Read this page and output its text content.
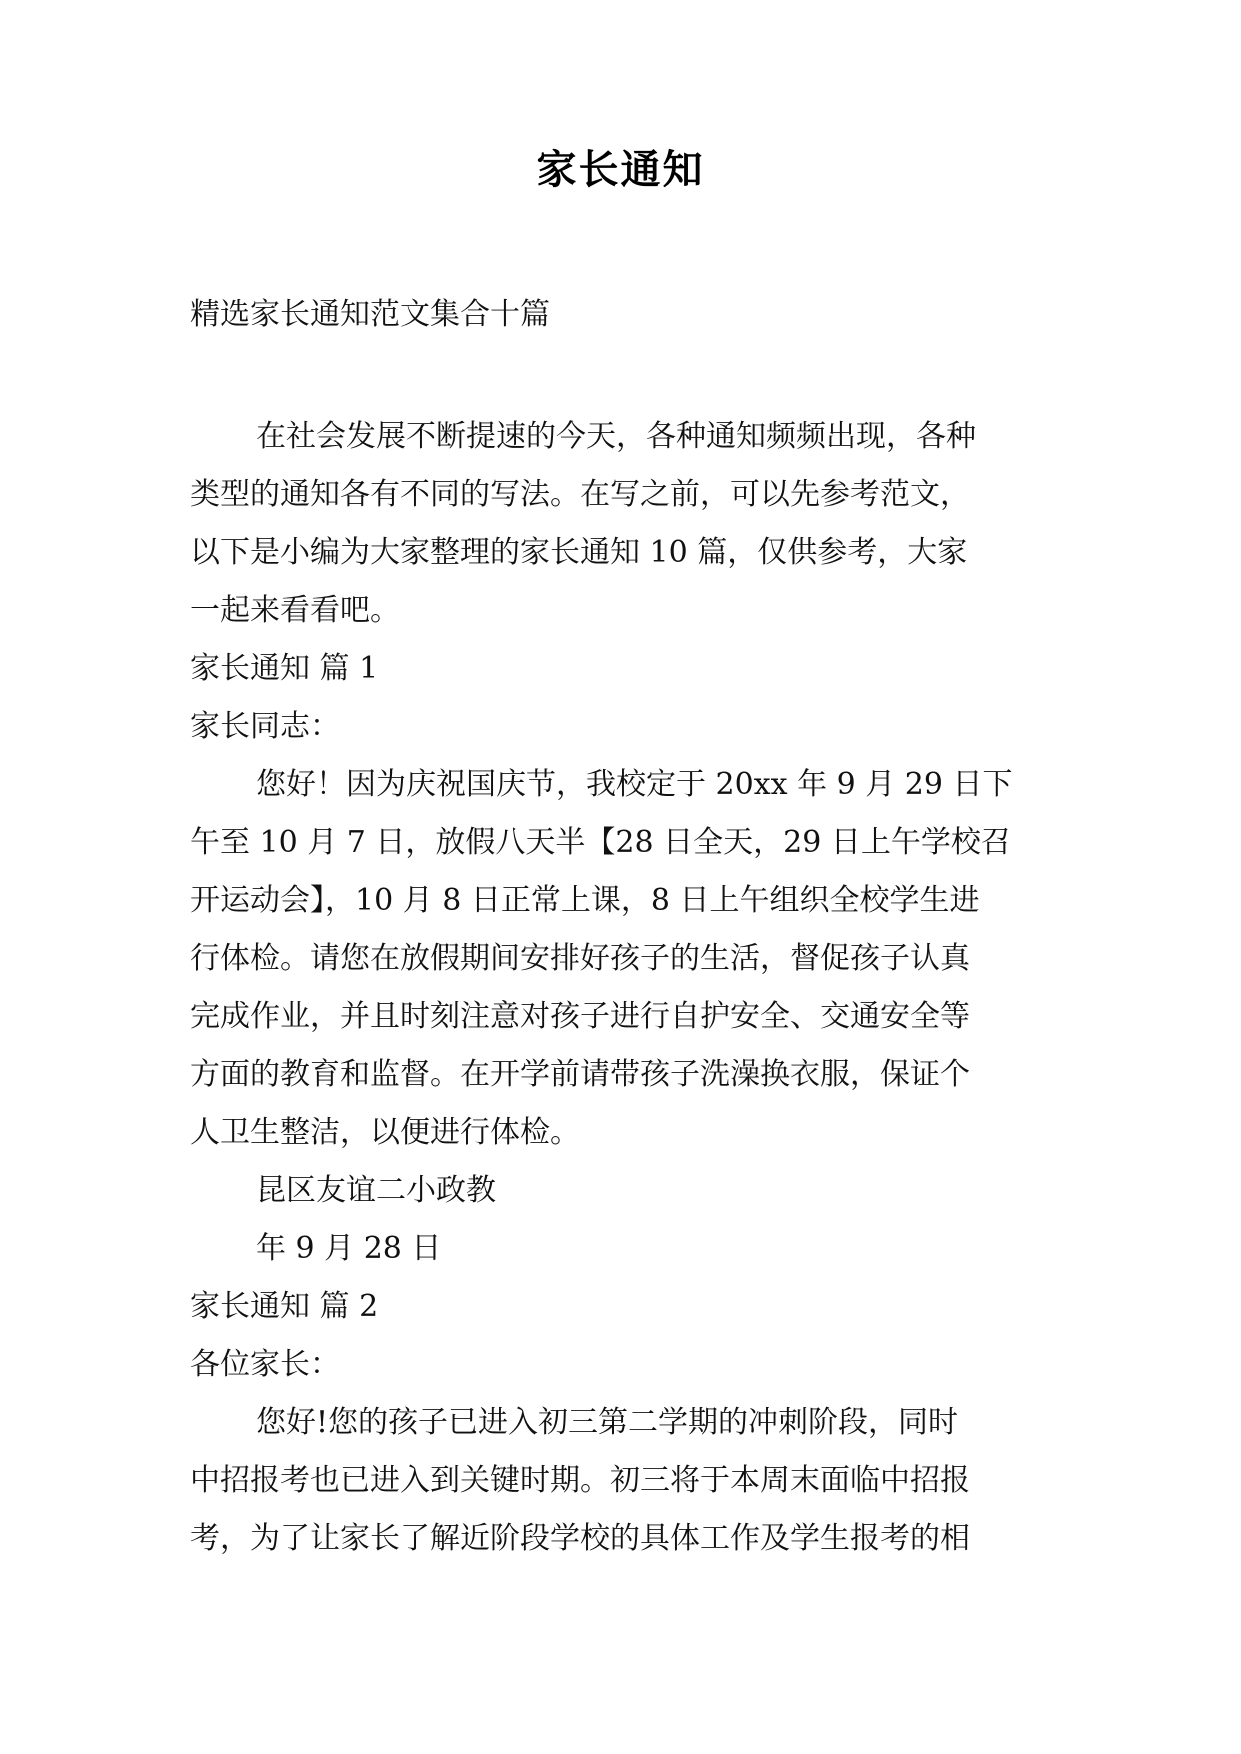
家长通知
精选家长通知范文集合十篇
在社会发展不断提速的今天，各种通知频频出现，各种
类型的通知各有不同的写法。在写之前，可以先参考范文，
以下是小编为大家整理的家长通知 10 篇，仅供参考，大家
一起来看看吧。
家长通知 篇 1
家长同志：
您好！因为庆祝国庆节，我校定于 20xx 年 9 月 29 日下
午至 10 月 7 日，放假八天半【28 日全天，29 日上午学校召
开运动会】，10 月 8 日正常上课，8 日上午组织全校学生进
行体检。请您在放假期间安排好孩子的生活，督促孩子认真
完成作业，并且时刻注意对孩子进行自护安全、交通安全等
方面的教育和监督。在开学前请带孩子洗澡换衣服，保证个
人卫生整洁，以便进行体检。
昆区友谊二小政教
年 9 月 28 日
家长通知 篇 2
各位家长：
您好!您的孩子已进入初三第二学期的冲刺阶段，同时
中招报考也已进入到关键时期。初三将于本周末面临中招报
考，为了让家长了解近阶段学校的具体工作及学生报考的相
